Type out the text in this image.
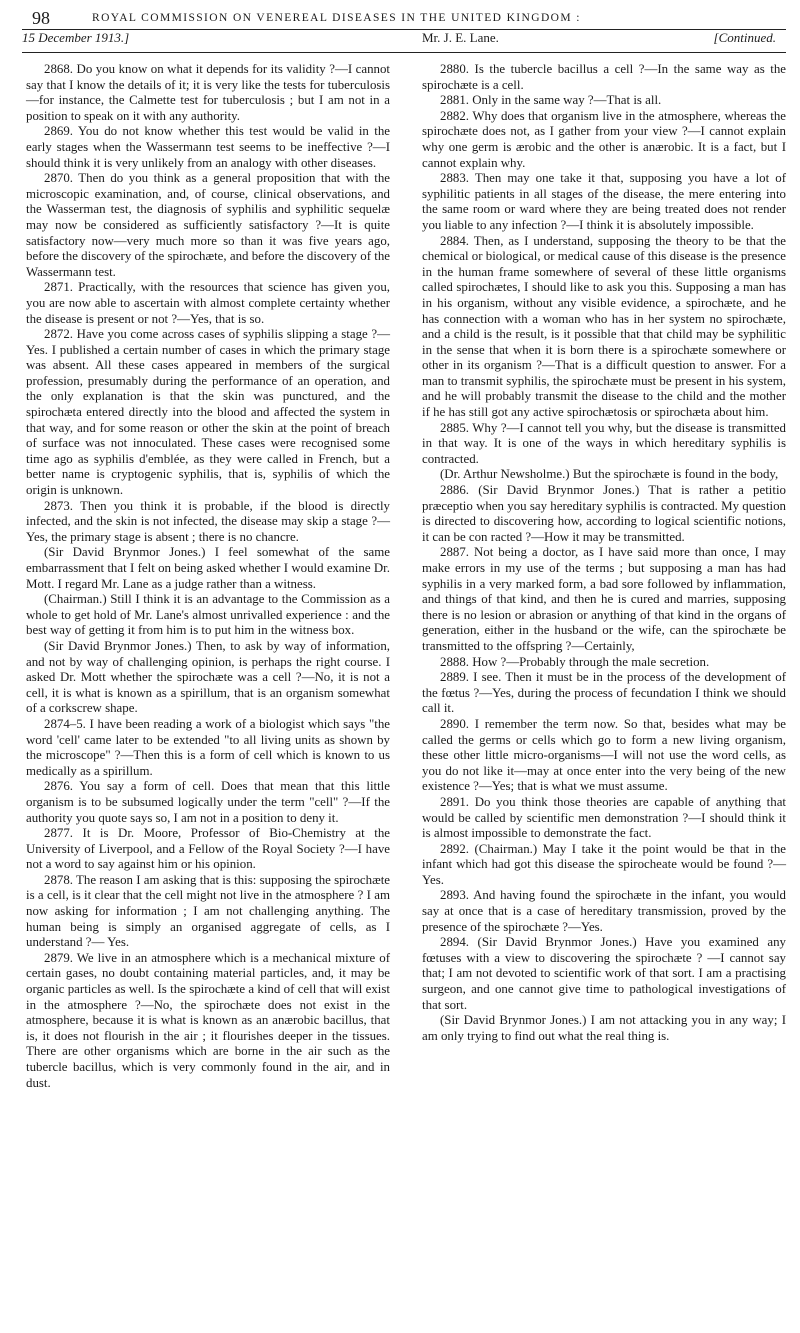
98	ROYAL COMMISSION ON VENEREAL DISEASES IN THE UNITED KINGDOM :
15 December 1913.]	Mr. J. E. Lane.	[Continued.

2868. Do you know on what it depends for its validity ?—I cannot say that I know the details of it; it is very like the tests for tuberculosis—for instance, the Calmette test for tuberculosis ; but I am not in a position to speak on it with any authority.

2869. You do not know whether this test would be valid in the early stages when the Wassermann test seems to be ineffective ?—I should think it is very unlikely from an analogy with other diseases.

2870. Then do you think as a general proposition that with the microscopic examination, and, of course, clinical observations, and the Wasserman test, the diagnosis of syphilis and syphilitic sequelæ may now be considered as sufficiently satisfactory ?—It is quite satisfactory now—very much more so than it was five years ago, before the discovery of the spirochæte, and before the discovery of the Wassermann test.

2871. Practically, with the resources that science has given you, you are now able to ascertain with almost complete certainty whether the disease is present or not ?—Yes, that is so.

2872. Have you come across cases of syphilis slipping a stage ?—Yes. I published a certain number of cases in which the primary stage was absent. All these cases appeared in members of the surgical profession, presumably during the performance of an operation, and the only explanation is that the skin was punctured, and the spirochæta entered directly into the blood and affected the system in that way, and for some reason or other the skin at the point of breach of surface was not innoculated. These cases were recognised some time ago as syphilis d'emblée, as they were called in French, but a better name is cryptogenic syphilis, that is, syphilis of which the origin is unknown.

2873. Then you think it is probable, if the blood is directly infected, and the skin is not infected, the disease may skip a stage ?—Yes, the primary stage is absent ; there is no chancre.

(Sir David Brynmor Jones.) I feel somewhat of the same embarrassment that I felt on being asked whether I would examine Dr. Mott. I regard Mr. Lane as a judge rather than a witness.

(Chairman.) Still I think it is an advantage to the Commission as a whole to get hold of Mr. Lane's almost unrivalled experience : and the best way of getting it from him is to put him in the witness box.

(Sir David Brynmor Jones.) Then, to ask by way of information, and not by way of challenging opinion, is perhaps the right course. I asked Dr. Mott whether the spirochæte was a cell ?—No, it is not a cell, it is what is known as a spirillum, that is an organism somewhat of a corkscrew shape.

2874–5. I have been reading a work of a biologist which says "the word 'cell' came later to be extended "to all living units as shown by the microscope" ?—Then this is a form of cell which is known to us medically as a spirillum.

2876. You say a form of cell. Does that mean that this little organism is to be subsumed logically under the term "cell" ?—If the authority you quote says so, I am not in a position to deny it.

2877. It is Dr. Moore, Professor of Bio-Chemistry at the University of Liverpool, and a Fellow of the Royal Society ?—I have not a word to say against him or his opinion.

2878. The reason I am asking that is this: supposing the spirochæte is a cell, is it clear that the cell might not live in the atmosphere ? I am now asking for information ; I am not challenging anything. The human being is simply an organised aggregate of cells, as I understand ?— Yes.

2879. We live in an atmosphere which is a mechanical mixture of certain gases, no doubt containing material particles, and, it may be organic particles as well. Is the spirochæte a kind of cell that will exist in the atmosphere ?—No, the spirochæte does not exist in the atmosphere, because it is what is known as an anærobic bacillus, that is, it does not flourish in the air ; it flourishes deeper in the tissues. There are other organisms which are borne in the air such as the tubercle bacillus, which is very commonly found in the air, and in dust.

2880. Is the tubercle bacillus a cell ?—In the same way as the spirochæte is a cell.

2881. Only in the same way ?—That is all.

2882. Why does that organism live in the atmosphere, whereas the spirochæte does not, as I gather from your view ?—I cannot explain why one germ is ærobic and the other is anærobic. It is a fact, but I cannot explain why.

2883. Then may one take it that, supposing you have a lot of syphilitic patients in all stages of the disease, the mere entering into the same room or ward where they are being treated does not render you liable to any infection ?—I think it is absolutely impossible.

2884. Then, as I understand, supposing the theory to be that the chemical or biological, or medical cause of this disease is the presence in the human frame somewhere of several of these little organisms called spirochætes, I should like to ask you this. Supposing a man has in his organism, without any visible evidence, a spirochæte, and he has connection with a woman who has in her system no spirochæte, and a child is the result, is it possible that that child may be syphilitic in the sense that when it is born there is a spirochæte somewhere or other in its organism ?—That is a difficult question to answer. For a man to transmit syphilis, the spirochæte must be present in his system, and he will probably transmit the disease to the child and the mother if he has still got any active spirochætosis or spirochæta about him.

2885. Why ?—I cannot tell you why, but the disease is transmitted in that way. It is one of the ways in which hereditary syphilis is contracted.

(Dr. Arthur Newsholme.) But the spirochæte is found in the body,

2886. (Sir David Brynmor Jones.) That is rather a petitio præceptio when you say hereditary syphilis is contracted. My question is directed to discovering how, according to logical scientific notions, it can be con racted ?—How it may be transmitted.

2887. Not being a doctor, as I have said more than once, I may make errors in my use of the terms ; but supposing a man has had syphilis in a very marked form, a bad sore followed by inflammation, and things of that kind, and then he is cured and marries, supposing there is no lesion or abrasion or anything of that kind in the organs of generation, either in the husband or the wife, can the spirochæte be transmitted to the offspring ?—Certainly,

2888. How ?—Probably through the male secretion.

2889. I see. Then it must be in the process of the development of the fœtus ?—Yes, during the process of fecundation I think we should call it.

2890. I remember the term now. So that, besides what may be called the germs or cells which go to form a new living organism, these other little micro-organisms—I will not use the word cells, as you do not like it—may at once enter into the very being of the new existence ?—Yes; that is what we must assume.

2891. Do you think those theories are capable of anything that would be called by scientific men demonstration ?—I should think it is almost impossible to demonstrate the fact.

2892. (Chairman.) May I take it the point would be that in the infant which had got this disease the spirocheate would be found ?—Yes.

2893. And having found the spirochæte in the infant, you would say at once that is a case of hereditary transmission, proved by the presence of the spirochæte ?—Yes.

2894. (Sir David Brynmor Jones.) Have you examined any fœtuses with a view to discovering the spirochæte ? —I cannot say that; I am not devoted to scientific work of that sort. I am a practising surgeon, and one cannot give time to pathological investigations of that sort.

(Sir David Brynmor Jones.) I am not attacking you in any way; I am only trying to find out what the real thing is.
